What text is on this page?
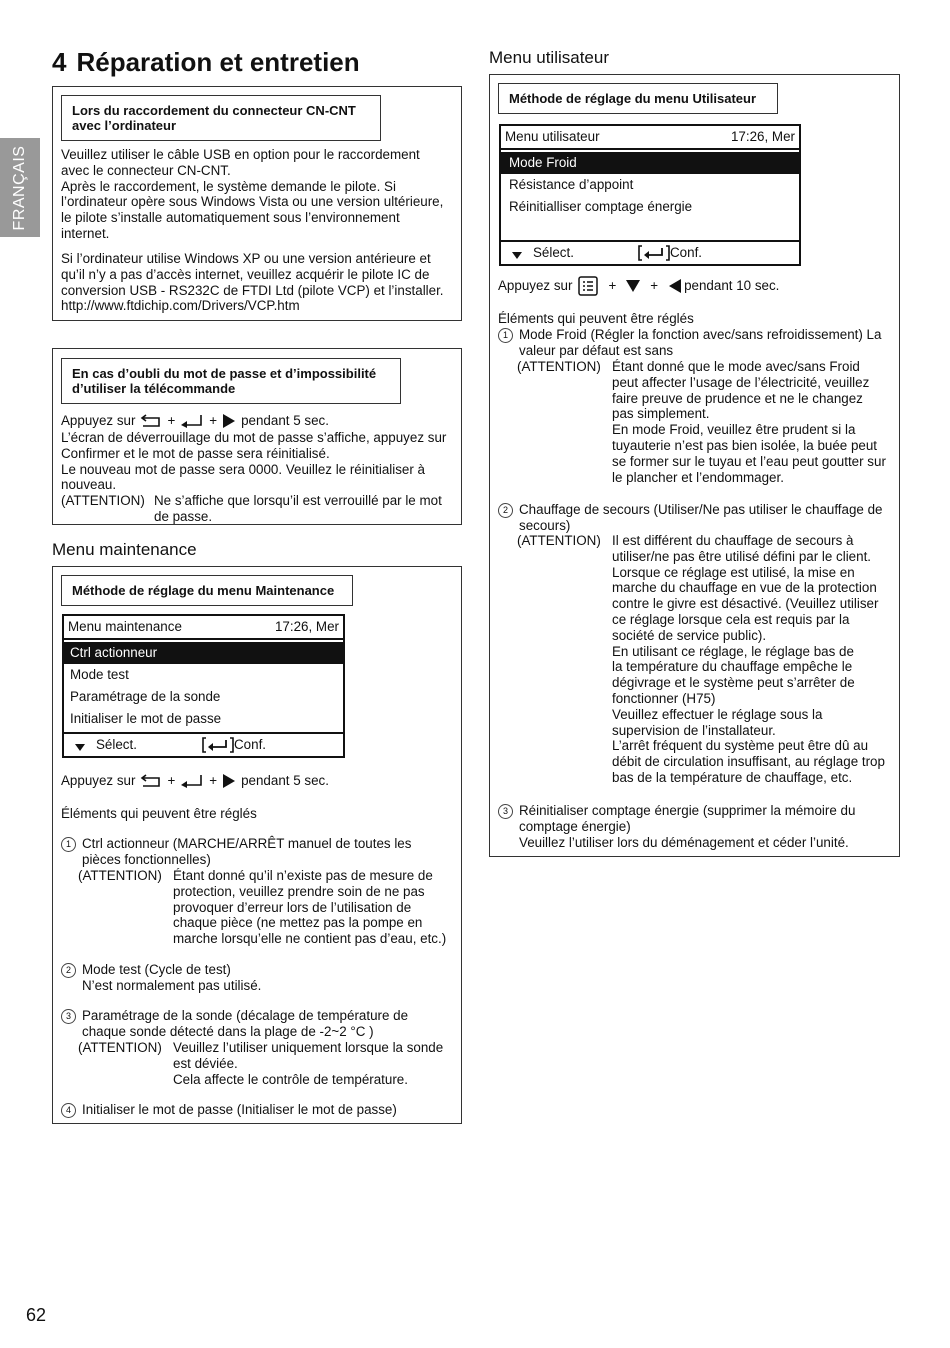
FRANÇAIS
4 Réparation et entretien
Lors du raccordement du connecteur CN-CNT
avec l’ordinateur
Veuillez utiliser le câble USB en option pour le raccordement
avec le connecteur CN-CNT.
Après le raccordement, le système demande le pilote. Si
l’ordinateur opère sous Windows Vista ou une version ultérieure,
le pilote s’installe automatiquement sous l’environnement
internet.
Si l’ordinateur utilise Windows XP ou une version antérieure et
qu’il n’y a pas d’accès internet, veuillez acquérir le pilote IC de
conversion USB - RS232C de FTDI Ltd (pilote VCP) et l’installer.
http://www.ftdichip.com/Drivers/VCP.htm
En cas d’oubli du mot de passe et d’impossibilité
d’utiliser la télécommande
Appuyez sur +	+ pendant 5 sec.
L’écran de déverrouillage du mot de passe s’affiche, appuyez sur
Confirmer et le mot de passe sera réinitialisé.
Le nouveau mot de passe sera 0000. Veuillez le réinitialiser à
nouveau.
(ATTENTION) Ne s’affiche que lorsqu’il est verrouillé par le mot
de passe.
Menu maintenance
Méthode de réglage du menu Maintenance
Menu maintenance	17:26, Mer
Ctrl actionneur
Mode test
Paramétrage de la sonde
Initialiser le mot de passe
Sélect.	Conf.
Appuyez sur +	+ pendant 5 sec.
Éléments qui peuvent être réglés
1 Ctrl actionneur (MARCHE/ARRÊT manuel de toutes les
pièces fonctionnelles)
(ATTENTION) Étant donné qu’il n’existe pas de mesure de
protection, veuillez prendre soin de ne pas
provoquer d’erreur lors de l’utilisation de
chaque pièce (ne mettez pas la pompe en
marche lorsqu’elle ne contient pas d’eau, etc.)
2 Mode test (Cycle de test)
N’est normalement pas utilisé.
3 Paramétrage de la sonde (décalage de température de
chaque sonde détecté dans la plage de -2~2 °C )
(ATTENTION) Veuillez l’utiliser uniquement lorsque la sonde
est déviée.
Cela affecte le contrôle de température.
4 Initialiser le mot de passe (Initialiser le mot de passe)
Menu utilisateur
Méthode de réglage du menu Utilisateur
Menu utilisateur	17:26, Mer
Mode Froid
Résistance d’appoint
Réinitialliser comptage énergie
Sélect.	Conf.
Appuyez sur	+	+ pendant 10 sec.
Éléments qui peuvent être réglés
1 Mode Froid (Régler la fonction avec/sans refroidissement) La
valeur par défaut est sans
(ATTENTION) Étant donné que le mode avec/sans Froid
peut affecter l’usage de l’électricité, veuillez
faire preuve de prudence et ne le changez
pas simplement.
En mode Froid, veuillez être prudent si la
tuyauterie n’est pas bien isolée, la buée peut
se former sur le tuyau et l’eau peut goutter sur
le plancher et l’endommager.
2 Chauffage de secours (Utiliser/Ne pas utiliser le chauffage de
secours)
(ATTENTION) Il est différent du chauffage de secours à
utiliser/ne pas être utilisé défini par le client.
Lorsque ce réglage est utilisé, la mise en
marche du chauffage en vue de la protection
contre le givre est désactivé. (Veuillez utiliser
ce réglage lorsque cela est requis par la
société de service public).
En utilisant ce réglage, le réglage bas de
la température du chauffage empêche le
dégivrage et le système peut s’arrêter de
fonctionner (H75)
Veuillez effectuer le réglage sous la
supervision de l’installateur.
L’arrêt fréquent du système peut être dû au
débit de circulation insuffisant, au réglage trop
bas de la température de chauffage, etc.
3 Réinitialiser comptage énergie (supprimer la mémoire du
comptage énergie)
Veuillez l’utiliser lors du déménagement et céder l’unité.
62
